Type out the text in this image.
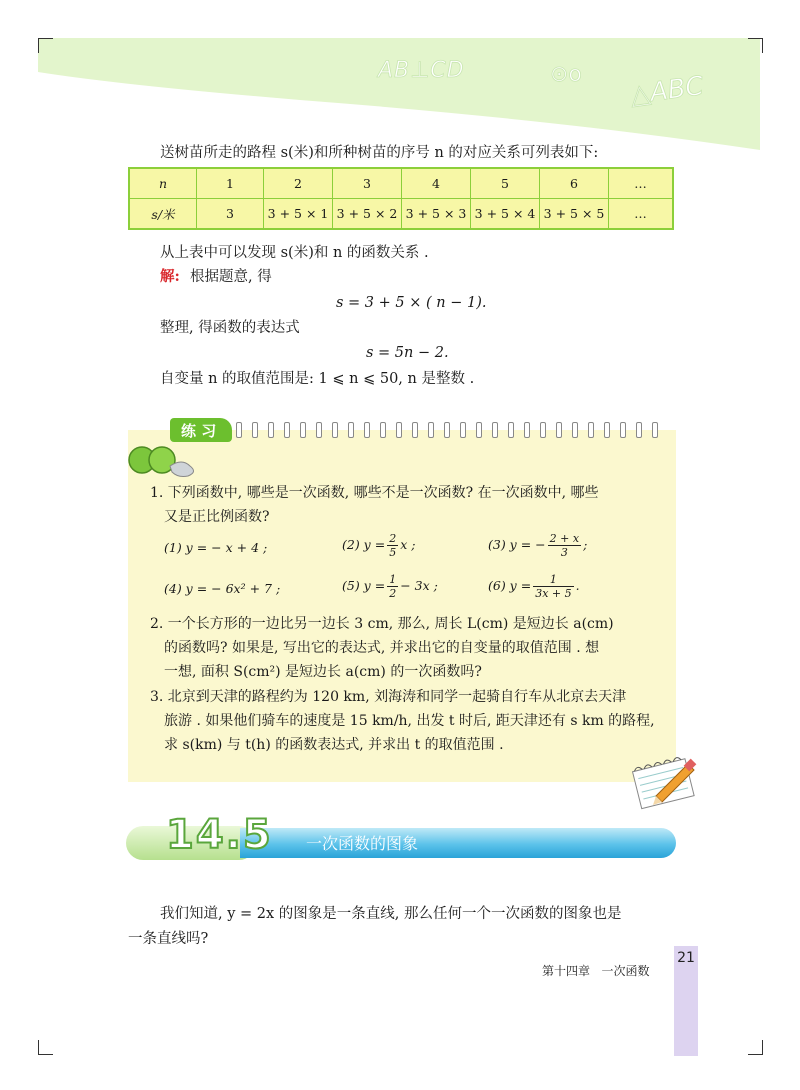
AB⊥CD	⊙o △ABC
送树苗所走的路程 s(米)和所种树苗的序号 n 的对应关系可列表如下:
n	1	2	3	4	5	6	…
s/米	3	3 + 5 × 1	3 + 5 × 2	3 + 5 × 3	3 + 5 × 4	3 + 5 × 5	…
从上表中可以发现 s(米)和 n 的函数关系 .
解: 根据题意, 得
s = 3 + 5 × ( n − 1).
整理, 得函数的表达式
s = 5n − 2.
自变量 n 的取值范围是: 1 ⩽ n ⩽ 50, n 是整数 .
练 习
1. 下列函数中, 哪些是一次函数, 哪些不是一次函数? 在一次函数中, 哪些
又是正比例函数?
(1) y = − x + 4 ;	(2) $y = \frac{2}{5}$ x ;	(3) y = − $\frac{2 + x}{3}$ ;
(4) y = − 6x² + 7 ;	(5) $y = \frac{1}{2} - 3x$ ;	(6) $y = \frac{1}{3x + 5}$ .
2. 一个长方形的一边比另一边长 3 cm, 那么, 周长 L(cm) 是短边长 a(cm)
的函数吗? 如果是, 写出它的表达式, 并求出它的自变量的取值范围 . 想
一想, 面积 S(cm²) 是短边长 a(cm) 的一次函数吗?
3. 北京到天津的路程约为 120 km, 刘海涛和同学一起骑自行车从北京去天津
旅游 . 如果他们骑车的速度是 15 km/h, 出发 t 时后, 距天津还有 s km 的路程,
求 s(km) 与 t(h) 的函数表达式, 并求出 t 的取值范围 .
14.5 一次函数的图象
我们知道, y = 2x 的图象是一条直线, 那么任何一个一次函数的图象也是
一条直线吗?
21
第十四章   一次函数
